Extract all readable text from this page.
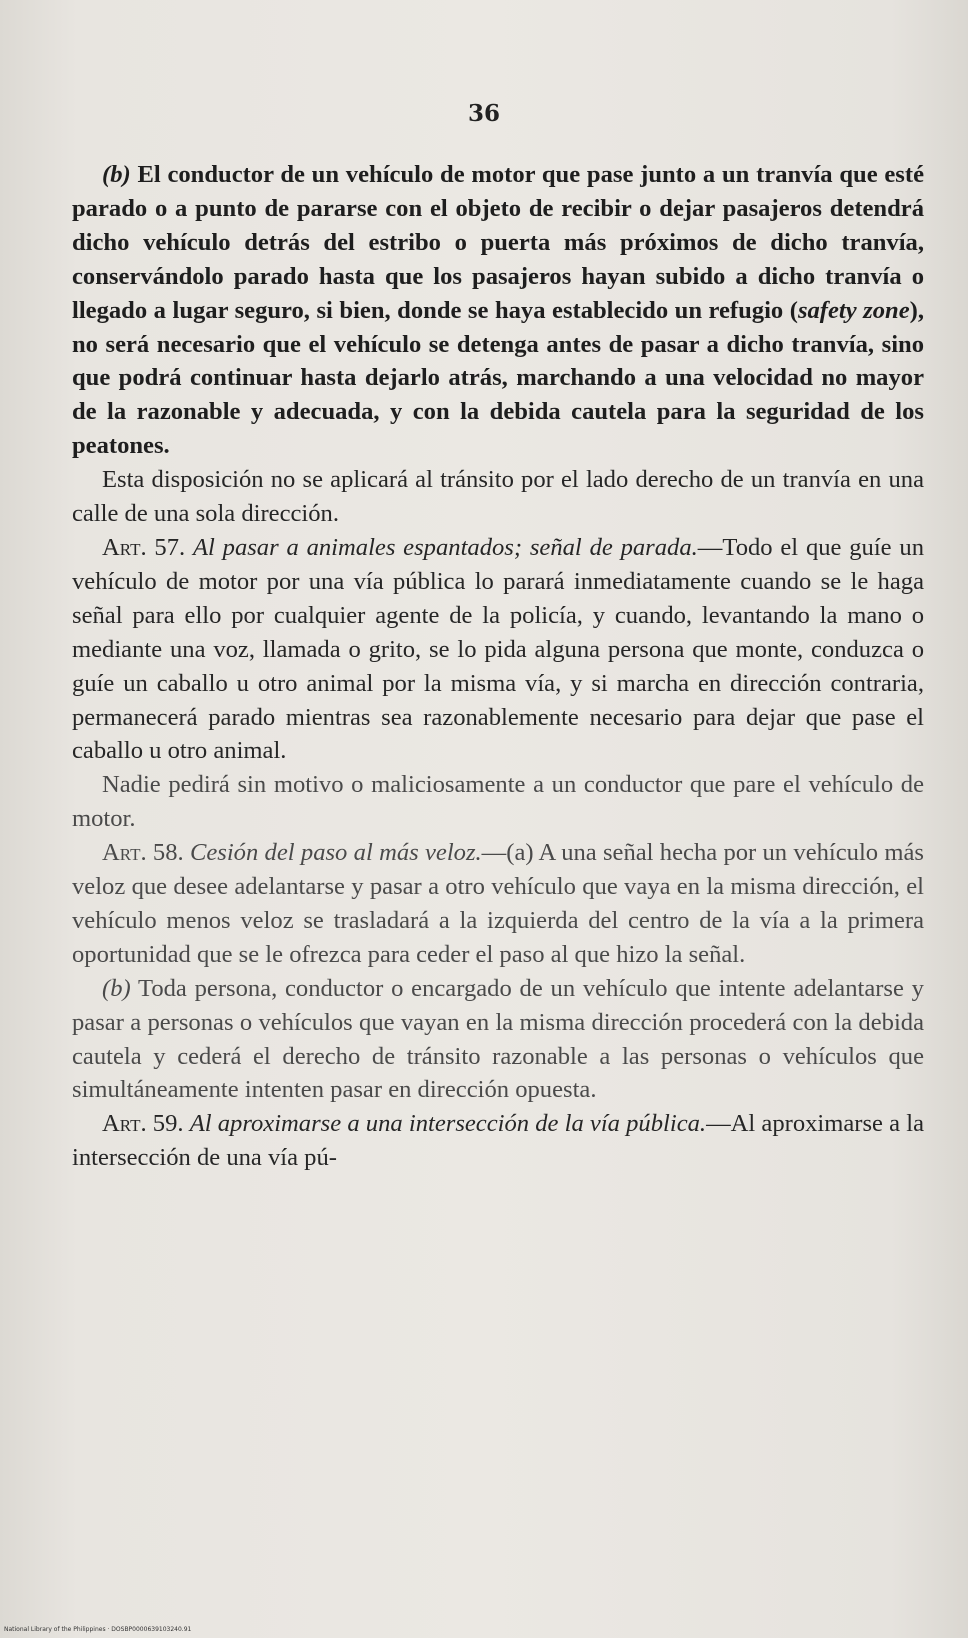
36

(b) El conductor de un vehículo de motor que pase junto a un tranvía que esté parado o a punto de pararse con el objeto de recibir o dejar pasajeros detendrá dicho vehículo detrás del estribo o puerta más próximos de dicho tranvía, conservándolo parado hasta que los pasajeros hayan subido a dicho tranvía o llegado a lugar seguro, si bien, donde se haya establecido un refugio (safety zone), no será necesario que el vehículo se detenga antes de pasar a dicho tranvía, sino que podrá continuar hasta dejarlo atrás, marchando a una velocidad no mayor de la razonable y adecuada, y con la debida cautela para la seguridad de los peatones.

Esta disposición no se aplicará al tránsito por el lado derecho de un tranvía en una calle de una sola dirección.

Art. 57. Al pasar a animales espantados; señal de parada.—Todo el que guíe un vehículo de motor por una vía pública lo parará inmediatamente cuando se le haga señal para ello por cualquier agente de la policía, y cuando, levantando la mano o mediante una voz, llamada o grito, se lo pida alguna persona que monte, conduzca o guíe un caballo u otro animal por la misma vía, y si marcha en dirección contraria, permanecerá parado mientras sea razonablemente necesario para dejar que pase el caballo u otro animal.

Nadie pedirá sin motivo o maliciosamente a un conductor que pare el vehículo de motor.

Art. 58. Cesión del paso al más veloz.—(a) A una señal hecha por un vehículo más veloz que desee adelantarse y pasar a otro vehículo que vaya en la misma dirección, el vehículo menos veloz se trasladará a la izquierda del centro de la vía a la primera oportunidad que se le ofrezca para ceder el paso al que hizo la señal.

(b) Toda persona, conductor o encargado de un vehículo que intente adelantarse y pasar a personas o vehículos que vayan en la misma dirección procederá con la debida cautela y cederá el derecho de tránsito razonable a las personas o vehículos que simultáneamente intenten pasar en dirección opuesta.

Art. 59. Al aproximarse a una intersección de la vía pública.—Al aproximarse a la intersección de una vía pú-

National Library of the Philippines · DOSBP0000639103240.91
